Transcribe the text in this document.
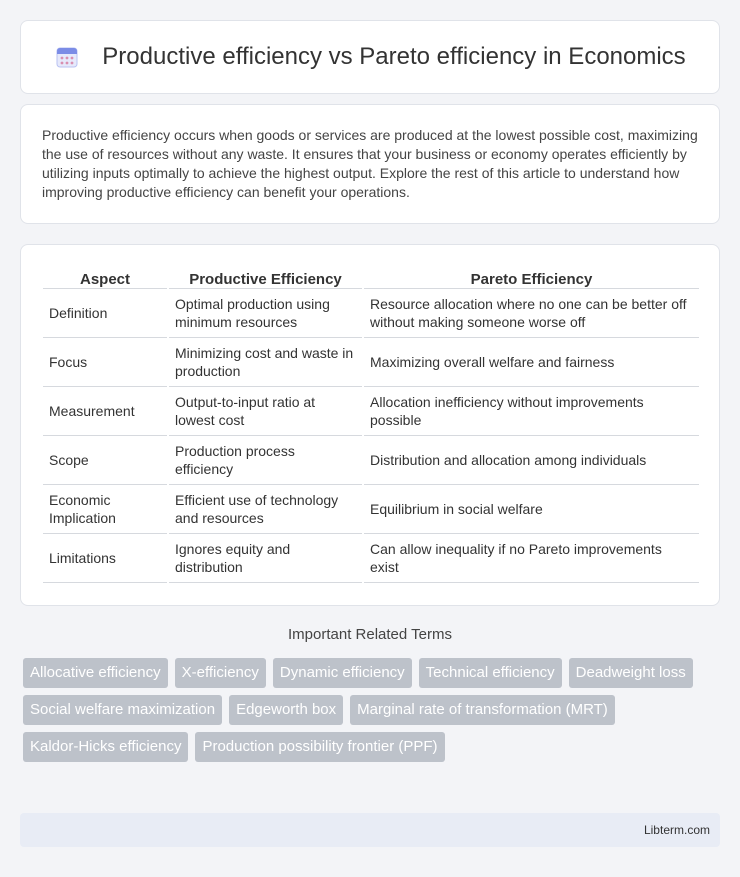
Productive efficiency vs Pareto efficiency in Economics

Productive efficiency occurs when goods or services are produced at the lowest possible cost, maximizing the use of resources without any waste. It ensures that your business or economy operates efficiently by utilizing inputs optimally to achieve the highest output. Explore the rest of this article to understand how improving productive efficiency can benefit your operations.

Aspect	Productive Efficiency	Pareto Efficiency
Definition	Optimal production using minimum resources	Resource allocation where no one can be better off without making someone worse off
Focus	Minimizing cost and waste in production	Maximizing overall welfare and fairness
Measurement	Output-to-input ratio at lowest cost	Allocation inefficiency without improvements possible
Scope	Production process efficiency	Distribution and allocation among individuals
Economic Implication	Efficient use of technology and resources	Equilibrium in social welfare
Limitations	Ignores equity and distribution	Can allow inequality if no Pareto improvements exist
Important Related Terms
Allocative efficiency	X-efficiency	Dynamic efficiency	Technical efficiency	Deadweight loss
Social welfare maximization	Edgeworth box	Marginal rate of transformation (MRT)
Kaldor-Hicks efficiency	Production possibility frontier (PPF)
Libterm.com
